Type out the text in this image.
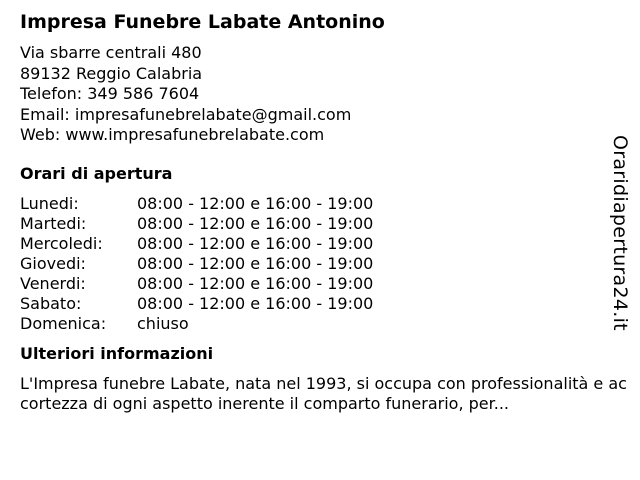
Impresa Funebre Labate Antonino
Via sbarre centrali 480
89132 Reggio Calabria
Telefon: 349 586 7604
Email: impresafunebrelabate@gmail.com
Web: www.impresafunebrelabate.com
Orari di apertura
Lunedi:	08:00 - 12:00 e 16:00 - 19:00
Martedi:	08:00 - 12:00 e 16:00 - 19:00
Mercoledi:	08:00 - 12:00 e 16:00 - 19:00
Giovedi:	08:00 - 12:00 e 16:00 - 19:00
Venerdi:	08:00 - 12:00 e 16:00 - 19:00
Sabato:	08:00 - 12:00 e 16:00 - 19:00
Domenica:	chiuso
Ulteriori informazioni
L'Impresa funebre Labate, nata nel 1993, si occupa con professionalità e accortezza di ogni aspetto inerente il comparto funerario, per...
Oraridiapertura24.it
